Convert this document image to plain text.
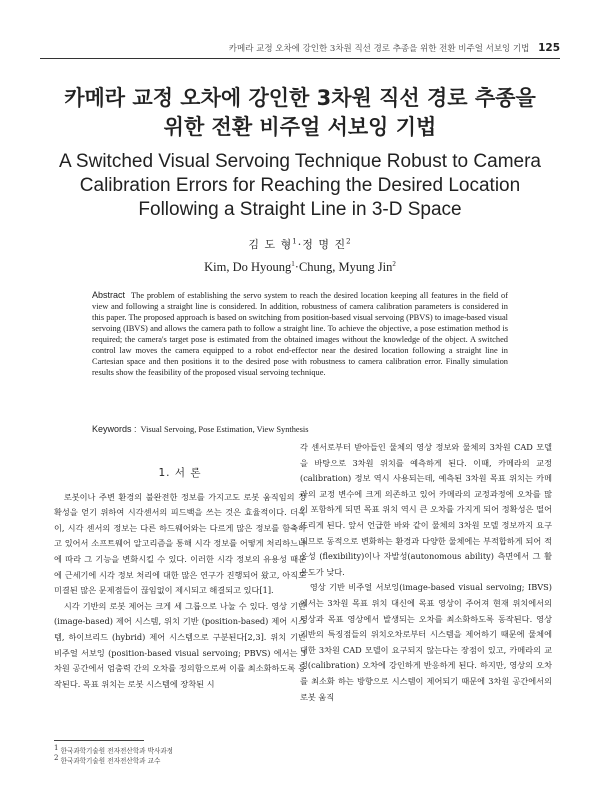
카메라 교정 오차에 강인한 3차원 직선 경로 추종을 위한 전환 비주얼 서보잉 기법 125
카메라 교정 오차에 강인한 3차원 직선 경로 추종을
위한 전환 비주얼 서보잉 기법
A Switched Visual Servoing Technique Robust to Camera
Calibration Errors for Reaching the Desired Location
Following a Straight Line in 3-D Space
김 도 형$^1$·정 명 진$^2$
Kim, Do Hyoung$^1$·Chung, Myung Jin$^2$
Abstract The problem of establishing the servo system to reach the desired location keeping all features in the field of view and following a straight line is considered. In addition, robustness of camera calibration parameters is considered in this paper. The proposed approach is based on switching from position-based visual servoing (PBVS) to image-based visual servoing (IBVS) and allows the camera path to follow a straight line. To achieve the objective, a pose estimation method is required; the camera's target pose is estimated from the obtained images without the knowledge of the object. A switched control law moves the camera equipped to a robot end-effector near the desired location following a straight line in Cartesian space and then positions it to the desired pose with robustness to camera calibration error. Finally simulation results show the feasibility of the proposed visual servoing technique.
Keywords : Visual Servoing, Pose Estimation, View Synthesis
1. 서 론

로봇이나 주변 환경의 불완전한 정보를 가지고도 로봇 움직임의 정확성을 얻기 위하여 시각센서의 피드백을 쓰는 것은 효율적이다. 더욱이, 시각 센서의 정보는 다른 하드웨어와는 다르게 많은 정보를 함축하고 있어서 소프트웨어 알고리즘을 통해 시각 정보를 어떻게 처리하느냐에 따라 그 기능을 변화시킬 수 있다. 이러한 시각 정보의 유용성 때문에 근세기에 시각 정보 처리에 대한 많은 연구가 진행되어 왔고, 아직도 미결된 많은 문제점들이 끊임없이 제시되고 해결되고 있다[1].

시각 기반의 로봇 제어는 크게 세 그룹으로 나눌 수 있다. 영상 기반 (image-based) 제어 시스템, 위치 기반 (position-based) 제어 시스템, 하이브리드 (hybrid) 제어 시스템으로 구분된다[2,3]. 위치 기반 비주얼 서보잉 (position-based visual servoing; PBVS) 에서는 3차원 공간에서 엄춤력 간의 오차를 정의함으로써 이를 최소화하도록 동작된다. 목표 위치는 로봇 시스템에 장착된 시

각 센서로부터 받아들인 물체의 영상 정보와 물체의 3차원 CAD 모델을 바탕으로 3차원 위치를 예측하게 된다. 이때, 카메라의 교정(calibration) 정보 역시 사용되는데, 예측된 3차원 목표 위치는 카메라의 교정 변수에 크게 의존하고 있어 카메라의 교정과정에 오차를 많이 포함하게 되면 목표 위치 역시 큰 오차를 가지게 되어 정확성은 떨어뜨리게 된다. 앞서 언급한 바와 같이 물체의 3차원 모델 정보까지 요구되므로 동적으로 변화하는 환경과 다양한 물체에는 부적합하게 되어 적응성 (flexibility)이나 자발성(autonomous ability) 측면에서 그 활용도가 낮다.

영상 기반 비주얼 서보잉(image-based visual servoing; IBVS)에서는 3차원 목표 위치 대신에 목표 영상이 주어져 현재 위치에서의 영상과 목표 영상에서 발생되는 오차를 최소화하도록 동작된다. 영상 기반의 특징점들의 위치오차로부터 시스템을 제어하기 때문에 물체에 대한 3차원 CAD 모델이 요구되지 않는다는 장점이 있고, 카메라의 교정(calibration) 오차에 강인하게 반응하게 된다. 하지만, 영상의 오차를 최소화 하는 방향으로 시스템이 제어되기 때문에 3차원 공간에서의 로봇 움직

$^1$ 한국과학기술원 전자전산학과 박사과정
$^2$ 한국과학기술원 전자전산학과 교수
